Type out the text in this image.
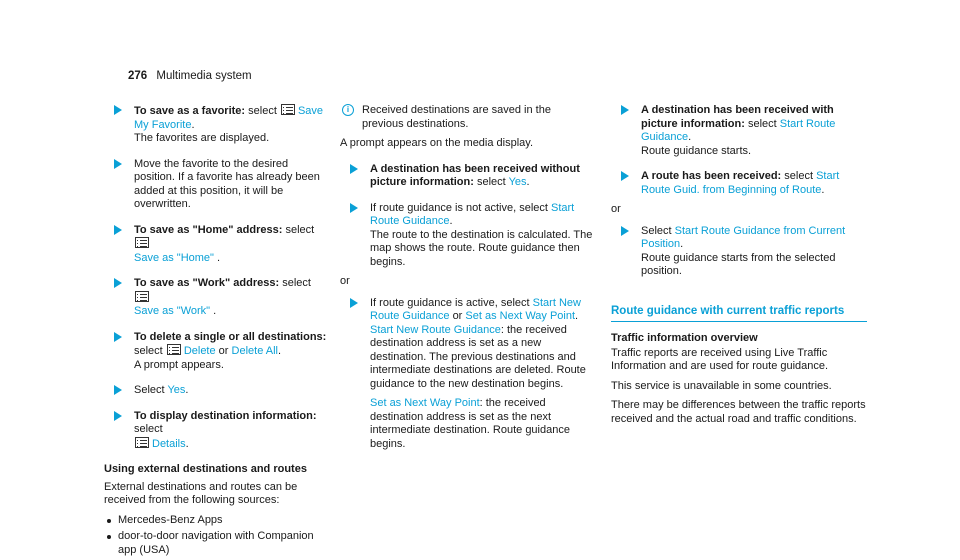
276 Multimedia system
To save as a favorite: select Save My Favorite.
The favorites are displayed.
Move the favorite to the desired position. If a favorite has already been added at this position, it will be overwritten.
To save as "Home" address: select
Save as "Home" .
To save as "Work" address: select
Save as "Work" .
To delete a single or all destinations:
select Delete or Delete All.
A prompt appears.
Select Yes.
To display destination information: select
Details.
Using external destinations and routes
External destinations and routes can be received from the following sources:
Mercedes-Benz Apps
door-to-door navigation with Companion app (USA)
i	Received destinations are saved in the previous destinations.
A prompt appears on the media display.
A destination has been received without picture information: select Yes.
If route guidance is not active, select Start Route Guidance.
The route to the destination is calculated. The map shows the route. Route guidance then begins.
or
If route guidance is active, select Start New Route Guidance or Set as Next Way Point.
Start New Route Guidance: the received destination address is set as a new destination. The previous destinations and intermediate destinations are deleted. Route guidance to the new destination begins.
Set as Next Way Point: the received destination address is set as the next intermediate destination. Route guidance begins.
A destination has been received with picture information: select Start Route Guidance.
Route guidance starts.
A route has been received: select Start Route Guid. from Beginning of Route.
or
Select Start Route Guidance from Current Position.
Route guidance starts from the selected position.
Route guidance with current traffic reports
Traffic information overview
Traffic reports are received using Live Traffic Information and are used for route guidance.
This service is unavailable in some countries.
There may be differences between the traffic reports received and the actual road and traffic conditions.
